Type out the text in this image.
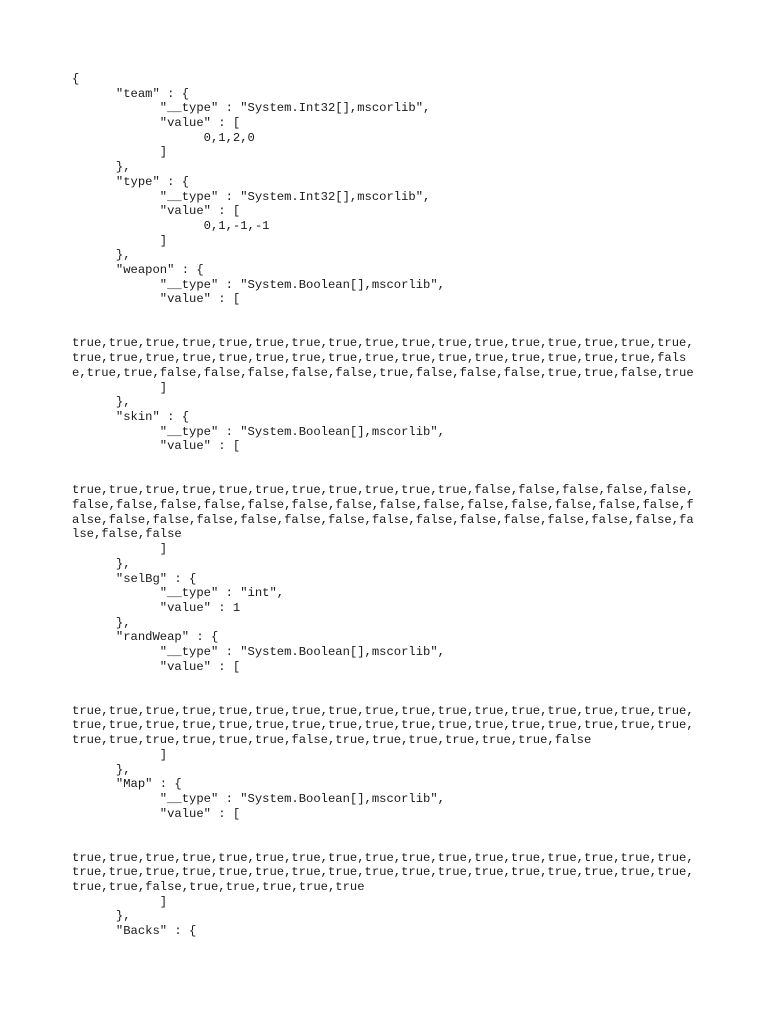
{
	"team" : {
		"__type" : "System.Int32[],mscorlib",
		"value" : [
			0,1,2,0
		]
	},
	"type" : {
		"__type" : "System.Int32[],mscorlib",
		"value" : [
			0,1,-1,-1
		]
	},
	"weapon" : {
		"__type" : "System.Boolean[],mscorlib",
		"value" : [
true,true,true,true,true,true,true,true,true,true,true,true,true,true,true,true,true,true,true,true,true,true,true,true,true,true,true,true,true,true,true,true,true,false,true,true,false,false,false,false,false,true,false,false,false,true,true,false,true
		]
	},
	"skin" : {
		"__type" : "System.Boolean[],mscorlib",
		"value" : [
true,true,true,true,true,true,true,true,true,true,true,false,false,false,false,false,false,false,false,false,false,false,false,false,false,false,false,false,false,false,false,false,false,false,false,false,false,false,false,false,false,false,false,false,false,false,false
		]
	},
	"selBg" : {
		"__type" : "int",
		"value" : 1
	},
	"randWeap" : {
		"__type" : "System.Boolean[],mscorlib",
		"value" : [
true,true,true,true,true,true,true,true,true,true,true,true,true,true,true,true,true,true,true,true,true,true,true,true,true,true,true,true,true,true,true,true,true,true,true,true,true,true,true,true,false,true,true,true,true,true,true,false
		]
	},
	"Map" : {
		"__type" : "System.Boolean[],mscorlib",
		"value" : [
true,true,true,true,true,true,true,true,true,true,true,true,true,true,true,true,true,true,true,true,true,true,true,true,true,true,true,true,true,true,true,true,true,true,true,true,false,true,true,true,true,true
		]
	},
	"Backs" : {
